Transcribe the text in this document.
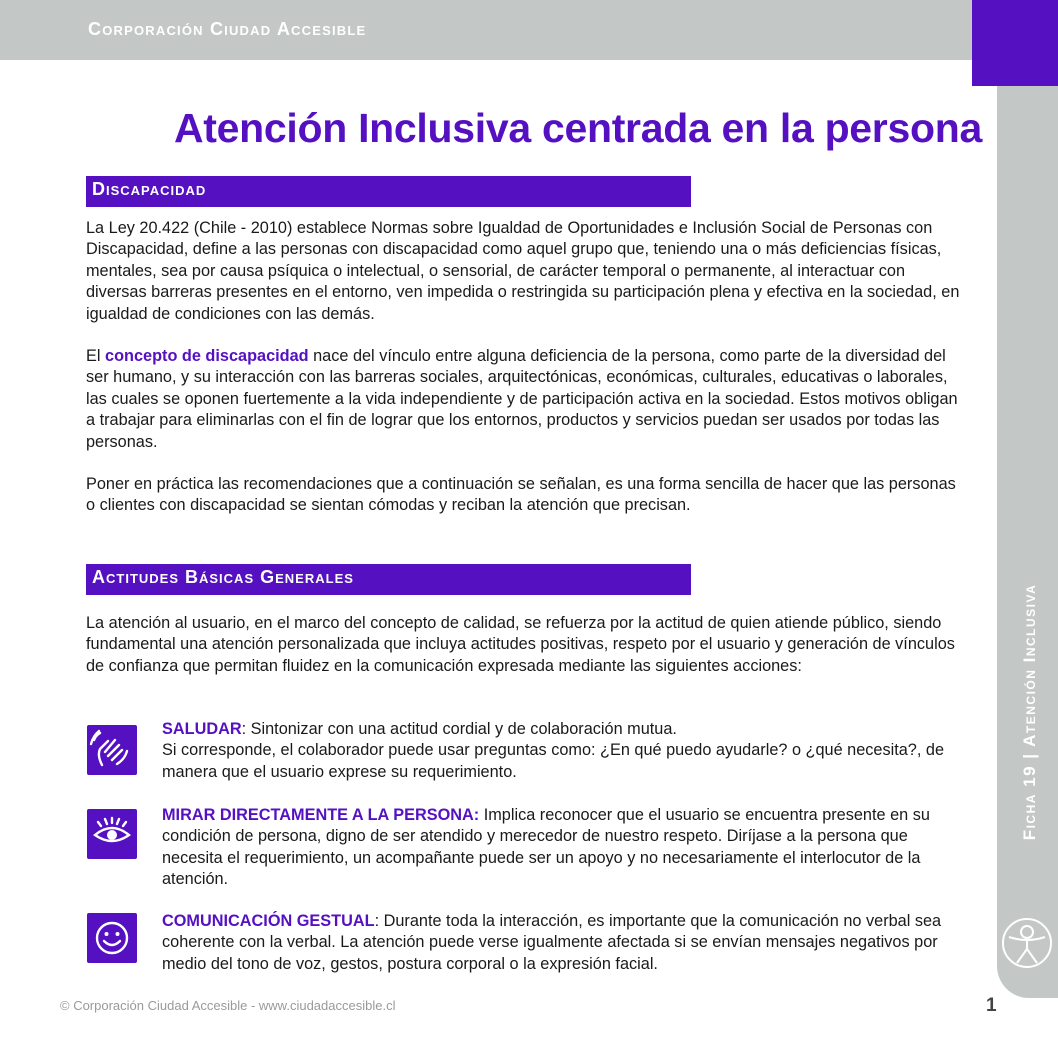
Corporación Ciudad Accesible
Ficha 19 | Atención Inclusiva
Atención Inclusiva centrada en la persona
Discapacidad

La Ley 20.422 (Chile - 2010) establece Normas sobre Igualdad de Oportunidades e Inclusión Social de Personas con Discapacidad, define a las personas con discapacidad como aquel grupo que, teniendo una o más deficiencias físicas, mentales, sea por causa psíquica o intelectual, o sensorial, de carácter temporal o permanente, al interactuar con diversas barreras presentes en el entorno, ven impedida o restringida su participación plena y efectiva en la sociedad, en igualdad de condiciones con las demás.

El concepto de discapacidad nace del vínculo entre alguna deficiencia de la persona, como parte de la diversidad del ser humano, y su interacción con las barreras sociales, arquitectónicas, económicas, culturales, educativas o laborales, las cuales se oponen fuertemente a la vida independiente y de participación activa en la sociedad. Estos motivos obligan a trabajar para eliminarlas con el fin de lograr que los entornos, productos y servicios puedan ser usados por todas las personas.

Poner en práctica las recomendaciones que a continuación se señalan, es una forma sencilla de hacer que las personas o clientes con discapacidad se sientan cómodas y reciban la atención que precisan.

Actitudes Básicas Generales

La atención al usuario, en el marco del concepto de calidad, se refuerza por la actitud de quien atiende público, siendo fundamental una atención personalizada que incluya actitudes positivas, respeto por el usuario y generación de vínculos de confianza que permitan fluidez en la comunicación expresada mediante las siguientes acciones:

SALUDAR: Sintonizar con una actitud cordial y de colaboración mutua.
Si corresponde, el colaborador puede usar preguntas como: ¿En qué puedo ayudarle? o ¿qué necesita?, de manera que el usuario exprese su requerimiento.

MIRAR DIRECTAMENTE A LA PERSONA: Implica reconocer que el usuario se encuentra presente en su condición de persona, digno de ser atendido y merecedor de nuestro respeto. Diríjase a la persona que necesita el requerimiento, un acompañante puede ser un apoyo y no necesariamente el interlocutor de la atención.

COMUNICACIÓN GESTUAL: Durante toda la interacción, es importante que la comunicación no verbal sea coherente con la verbal. La atención puede verse igualmente afectada si se envían mensajes negativos por medio del tono de voz, gestos, postura corporal o la expresión facial.

© Corporación Ciudad Accesible - www.ciudadaccesible.cl	1
